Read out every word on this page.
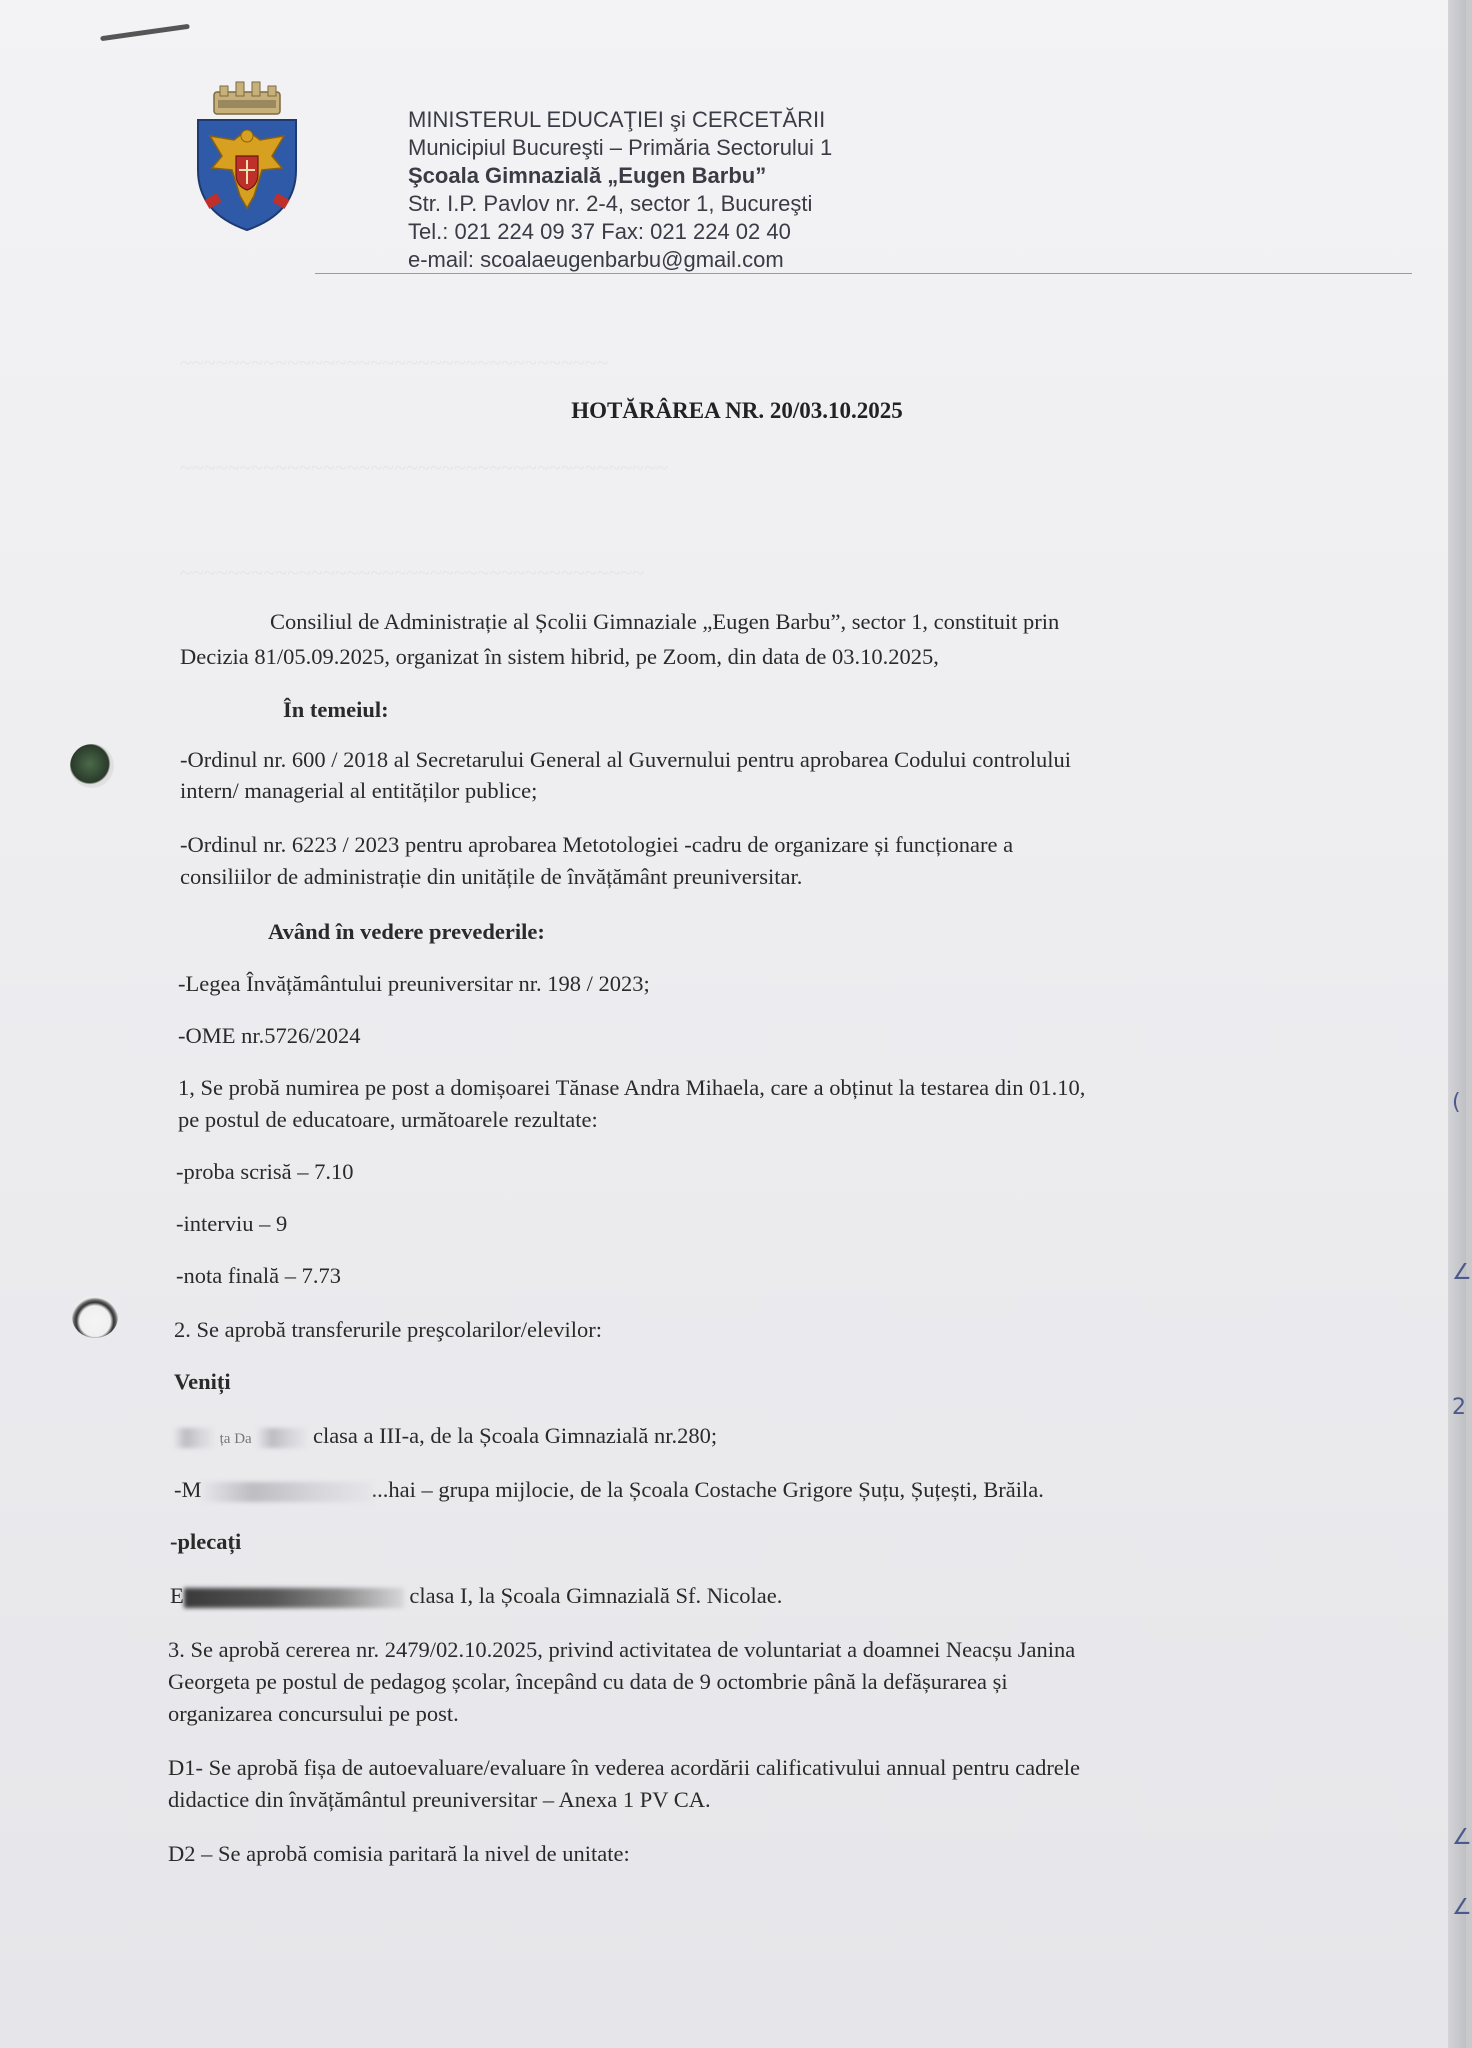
(
∠
2
∠
∠
~~~~~~~~~~~~~~~~~~~~~~~~~~~~~~~~~~~~
~~~~~~~~~~~~~~~~~~~~~~~~~~~~~~~~~~~~~~~~~
~~~~~~~~~~~~~~~~~~~~~~~~~~~~~~~~~~~~~~~
MINISTERUL EDUCAŢIEI şi CERCETĂRII
Municipiul Bucureşti – Primăria Sectorului 1
Şcoala Gimnazială „Eugen Barbu”
Str. I.P. Pavlov nr. 2-4, sector 1, Bucureşti
Tel.: 021 224 09 37 Fax: 021 224 02 40
e-mail: scoalaeugenbarbu@gmail.com
HOTĂRÂREA NR. 20/03.10.2025
Consiliul de Administrație al Școlii Gimnaziale „Eugen Barbu”, sector 1, constituit prin
Decizia 81/05.09.2025, organizat în sistem hibrid, pe Zoom, din data de 03.10.2025,
În temeiul:
-Ordinul nr. 600 / 2018 al Secretarului General al Guvernului pentru aprobarea Codului controlului
intern/ managerial al entităților publice;
-Ordinul nr. 6223 / 2023 pentru aprobarea Metotologiei -cadru de organizare și funcționare a
consiliilor de administrație din unitățile de învățământ preuniversitar.
Având în vedere prevederile:
-Legea Învățământului preuniversitar nr. 198 / 2023;
-OME nr.5726/2024
1, Se probă numirea pe post a domișoarei Tănase Andra Mihaela, care a obținut la testarea din 01.10,
pe postul de educatoare, următoarele rezultate:
-proba scrisă – 7.10
-interviu – 9
-nota finală – 7.73
2. Se aprobă transferurile preşcolarilor/elevilor:
Veniți
ța Da	clasa a III-a, de la Școala Gimnazială nr.280;
-M	...hai – grupa mijlocie, de la Școala Costache Grigore Șuțu, Șuțești, Brăila.
-plecați
E	clasa I, la Școala Gimnazială Sf. Nicolae.
3. Se aprobă cererea nr. 2479/02.10.2025, privind activitatea de voluntariat a doamnei Neacșu Janina
Georgeta pe postul de pedagog școlar, începând cu data de 9 octombrie până la defășurarea și
organizarea concursului pe post.
D1- Se aprobă fișa de autoevaluare/evaluare în vederea acordării calificativului annual pentru cadrele
didactice din învățământul preuniversitar – Anexa 1 PV CA.
D2 – Se aprobă comisia paritară la nivel de unitate:
